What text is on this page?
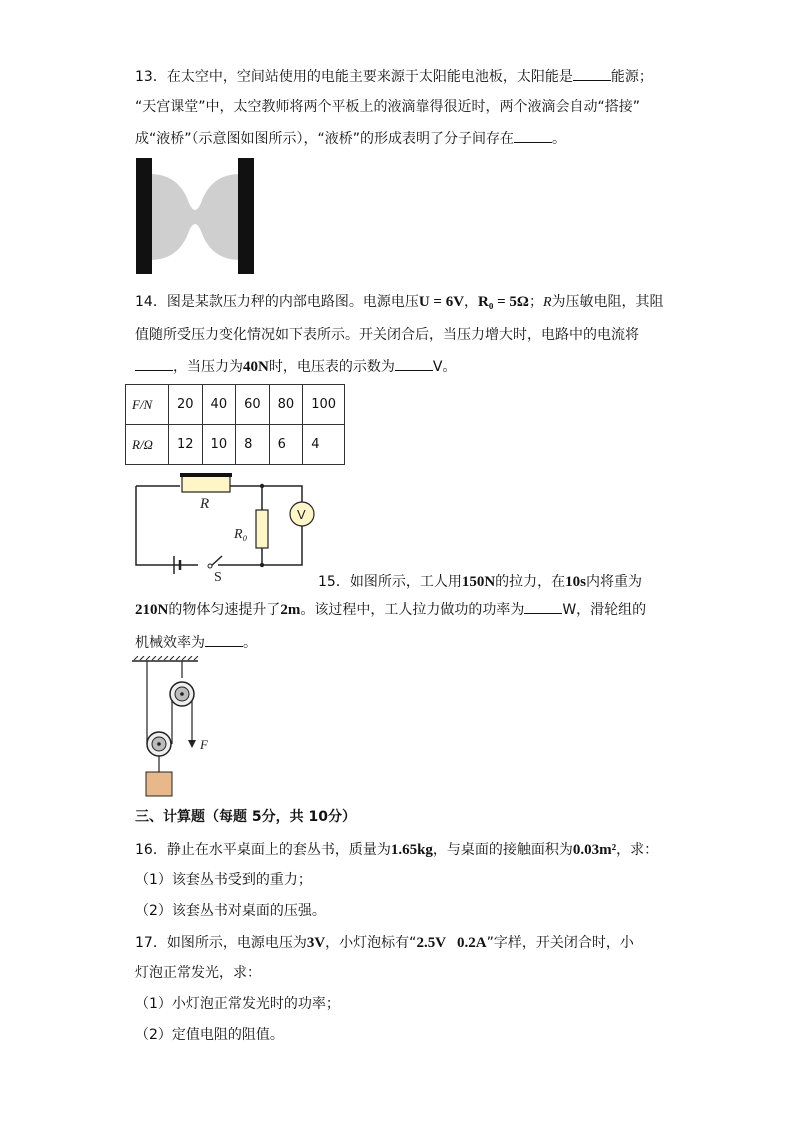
13．在太空中，空间站使用的电能主要来源于太阳能电池板，太阳能是	能源；
“天宫课堂”中，太空教师将两个平板上的液滴靠得很近时，两个液滴会自动“搭接”
成“液桥”（示意图如图所示），“液桥”的形成表明了分子间存在	。
14．图是某款压力秤的内部电路图。电源电压U = 6V，R₀ = 5Ω；R为压敏电阻，其阻
值随所受压力变化情况如下表所示。开关闭合后，当压力增大时，电路中的电流将
，当压力为40N时，电压表的示数为	V。
F/N	20	40	60	80	100
R/Ω	12	10	8	6	4
R
R₀
V
S	15．如图所示，工人用150N的拉力，在10s内将重为
210N的物体匀速提升了2m。该过程中，工人拉力做功的功率为	W，滑轮组的
机械效率为	。
F
三、计算题（每题 5分，共 10分）
16．静止在水平桌面上的套丛书，质量为1.65kg，与桌面的接触面积为0.03m²，求：
（1）该套丛书受到的重力；
（2）该套丛书对桌面的压强。
17．如图所示，电源电压为3V，小灯泡标有“2.5V   0.2A”字样，开关闭合时，小
灯泡正常发光，求：
（1）小灯泡正常发光时的功率；
（2）定值电阻的阻值。
